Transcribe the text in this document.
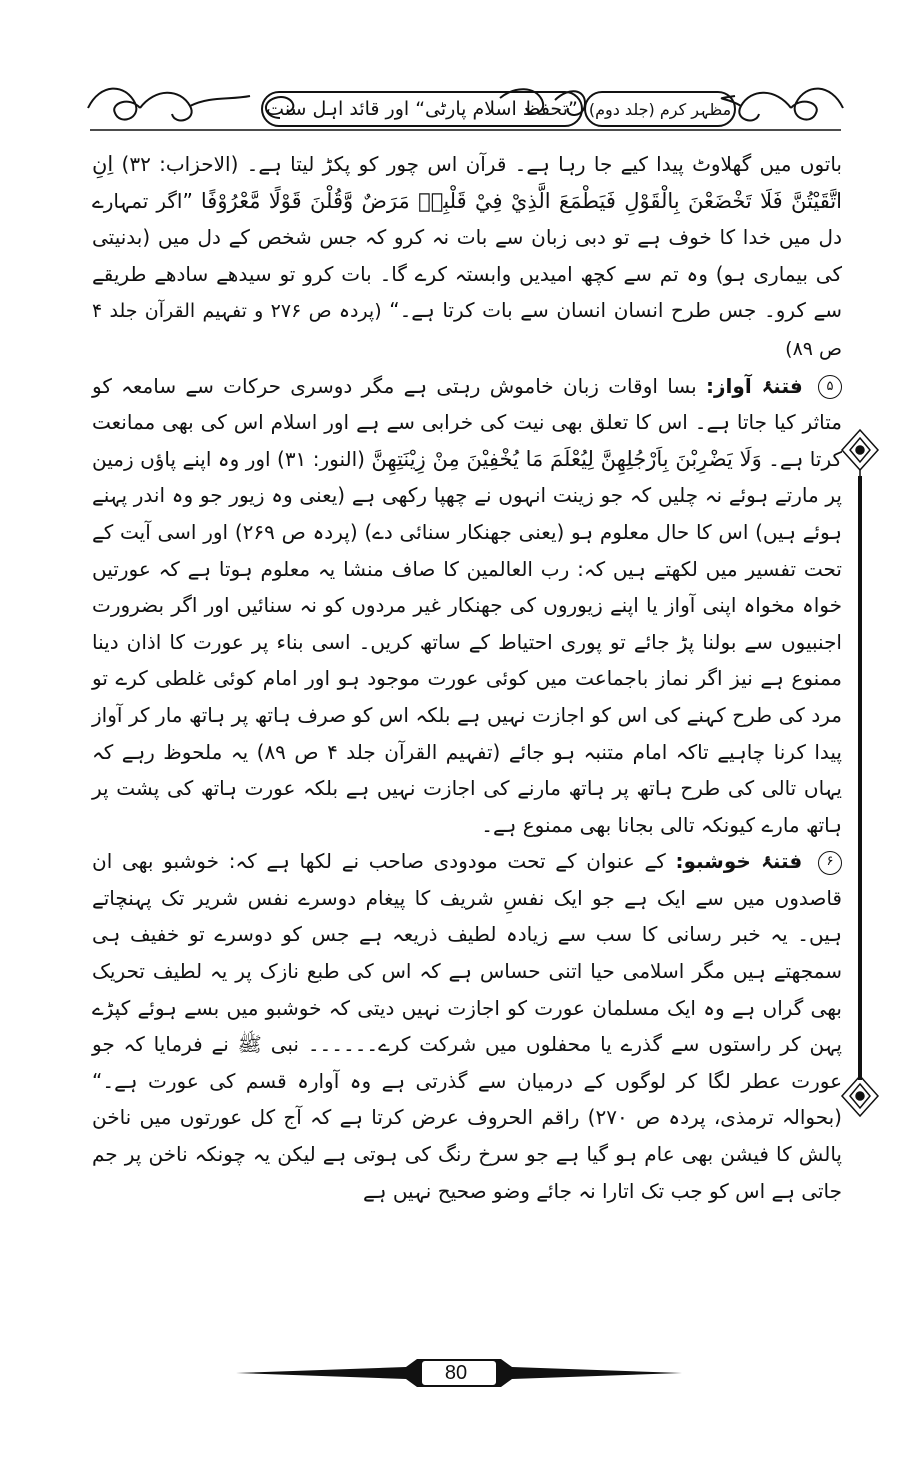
”تحفظ اسلام پارٹی“ اور قائد اہل سنت مظہر کرم (جلد دوم)

باتوں میں گھلاوٹ پیدا کیے جا رہا ہے۔ قرآن اس چور کو پکڑ لیتا ہے۔ (الاحزاب: ۳۲) اِنِ اتَّقَيْتُنَّ فَلَا تَخْضَعْنَ بِالْقَوْلِ فَيَطْمَعَ الَّذِيْ فِيْ قَلْبِهٖ مَرَضٌ وَّقُلْنَ قَوْلًا مَّعْرُوْفًا ”اگر تمہارے دل میں خدا کا خوف ہے تو دبی زبان سے بات نہ کرو کہ جس شخص کے دل میں (بدنیتی کی بیماری ہو) وہ تم سے کچھ امیدیں وابستہ کرے گا۔ بات کرو تو سیدھے سادھے طریقے سے کرو۔ جس طرح انسان انسان سے بات کرتا ہے۔“ (پردہ ص ۲۷۶ و تفہیم القرآن جلد ۴ ص ۸۹)

۵ فتنۂ آواز: بسا اوقات زبان خاموش رہتی ہے مگر دوسری حرکات سے سامعہ کو متاثر کیا جاتا ہے۔ اس کا تعلق بھی نیت کی خرابی سے ہے اور اسلام اس کی بھی ممانعت کرتا ہے۔ وَلَا يَضْرِبْنَ بِاَرْجُلِهِنَّ لِيُعْلَمَ مَا يُخْفِيْنَ مِنْ زِيْنَتِهِنَّ (النور: ۳۱) اور وہ اپنے پاؤں زمین پر مارتے ہوئے نہ چلیں کہ جو زینت انہوں نے چھپا رکھی ہے (یعنی وہ زیور جو وہ اندر پہنے ہوئے ہیں) اس کا حال معلوم ہو (یعنی جھنکار سنائی دے) (پردہ ص ۲۶۹) اور اسی آیت کے تحت تفسیر میں لکھتے ہیں کہ: رب العالمین کا صاف منشا یہ معلوم ہوتا ہے کہ عورتیں خواہ مخواہ اپنی آواز یا اپنے زیوروں کی جھنکار غیر مردوں کو نہ سنائیں اور اگر بضرورت اجنبیوں سے بولنا پڑ جائے تو پوری احتیاط کے ساتھ کریں۔ اسی بناء پر عورت کا اذان دینا ممنوع ہے نیز اگر نماز باجماعت میں کوئی عورت موجود ہو اور امام کوئی غلطی کرے تو مرد کی طرح کہنے کی اس کو اجازت نہیں ہے بلکہ اس کو صرف ہاتھ پر ہاتھ مار کر آواز پیدا کرنا چاہیے تاکہ امام متنبہ ہو جائے (تفہیم القرآن جلد ۴ ص ۸۹) یہ ملحوظ رہے کہ یہاں تالی کی طرح ہاتھ پر ہاتھ مارنے کی اجازت نہیں ہے بلکہ عورت ہاتھ کی پشت پر ہاتھ مارے کیونکہ تالی بجانا بھی ممنوع ہے۔

۶ فتنۂ خوشبو: کے عنوان کے تحت مودودی صاحب نے لکھا ہے کہ: خوشبو بھی ان قاصدوں میں سے ایک ہے جو ایک نفسِ شریف کا پیغام دوسرے نفس شریر تک پہنچاتے ہیں۔ یہ خبر رسانی کا سب سے زیادہ لطیف ذریعہ ہے جس کو دوسرے تو خفیف ہی سمجھتے ہیں مگر اسلامی حیا اتنی حساس ہے کہ اس کی طبع نازک پر یہ لطیف تحریک بھی گراں ہے وہ ایک مسلمان عورت کو اجازت نہیں دیتی کہ خوشبو میں بسے ہوئے کپڑے پہن کر راستوں سے گذرے یا محفلوں میں شرکت کرے۔۔۔۔۔۔ نبی ﷺ نے فرمایا کہ جو عورت عطر لگا کر لوگوں کے درمیان سے گذرتی ہے وہ آوارہ قسم کی عورت ہے۔“ (بحوالہ ترمذی، پردہ ص ۲۷۰) راقم الحروف عرض کرتا ہے کہ آج کل عورتوں میں ناخن پالش کا فیشن بھی عام ہو گیا ہے جو سرخ رنگ کی ہوتی ہے لیکن یہ چونکہ ناخن پر جم جاتی ہے اس کو جب تک اتارا نہ جائے وضو صحیح نہیں ہے

80
